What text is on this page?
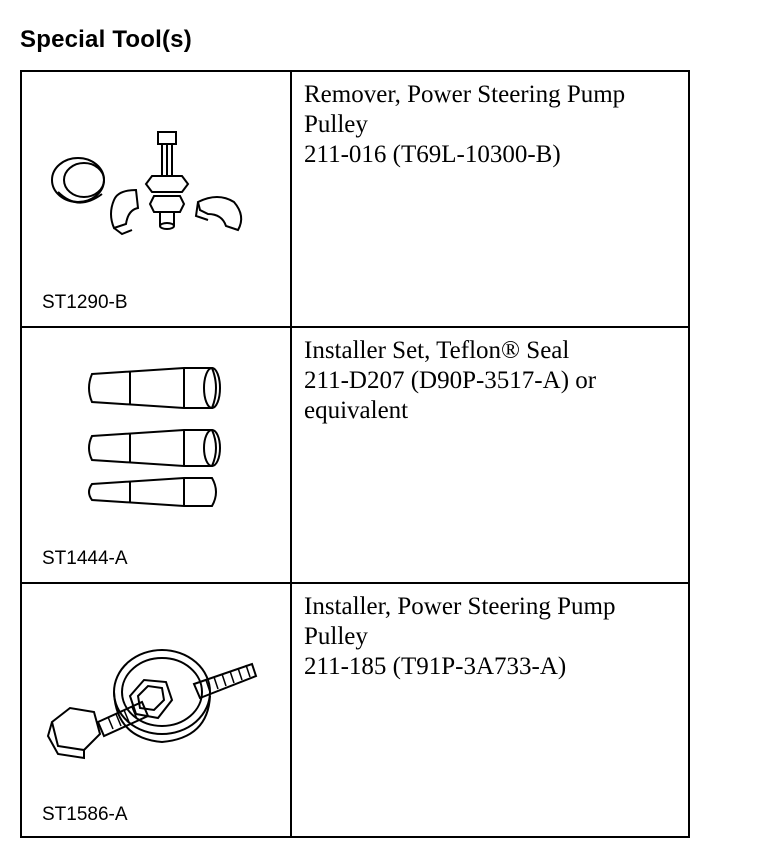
Special Tool(s)
ST1290-B
Remover, Power Steering Pump
Pulley
211-016 (T69L-10300-B)
ST1444-A
Installer Set, Teflon® Seal
211-D207 (D90P-3517-A) or
equivalent
ST1586-A
Installer, Power Steering Pump
Pulley
211-185 (T91P-3A733-A)
